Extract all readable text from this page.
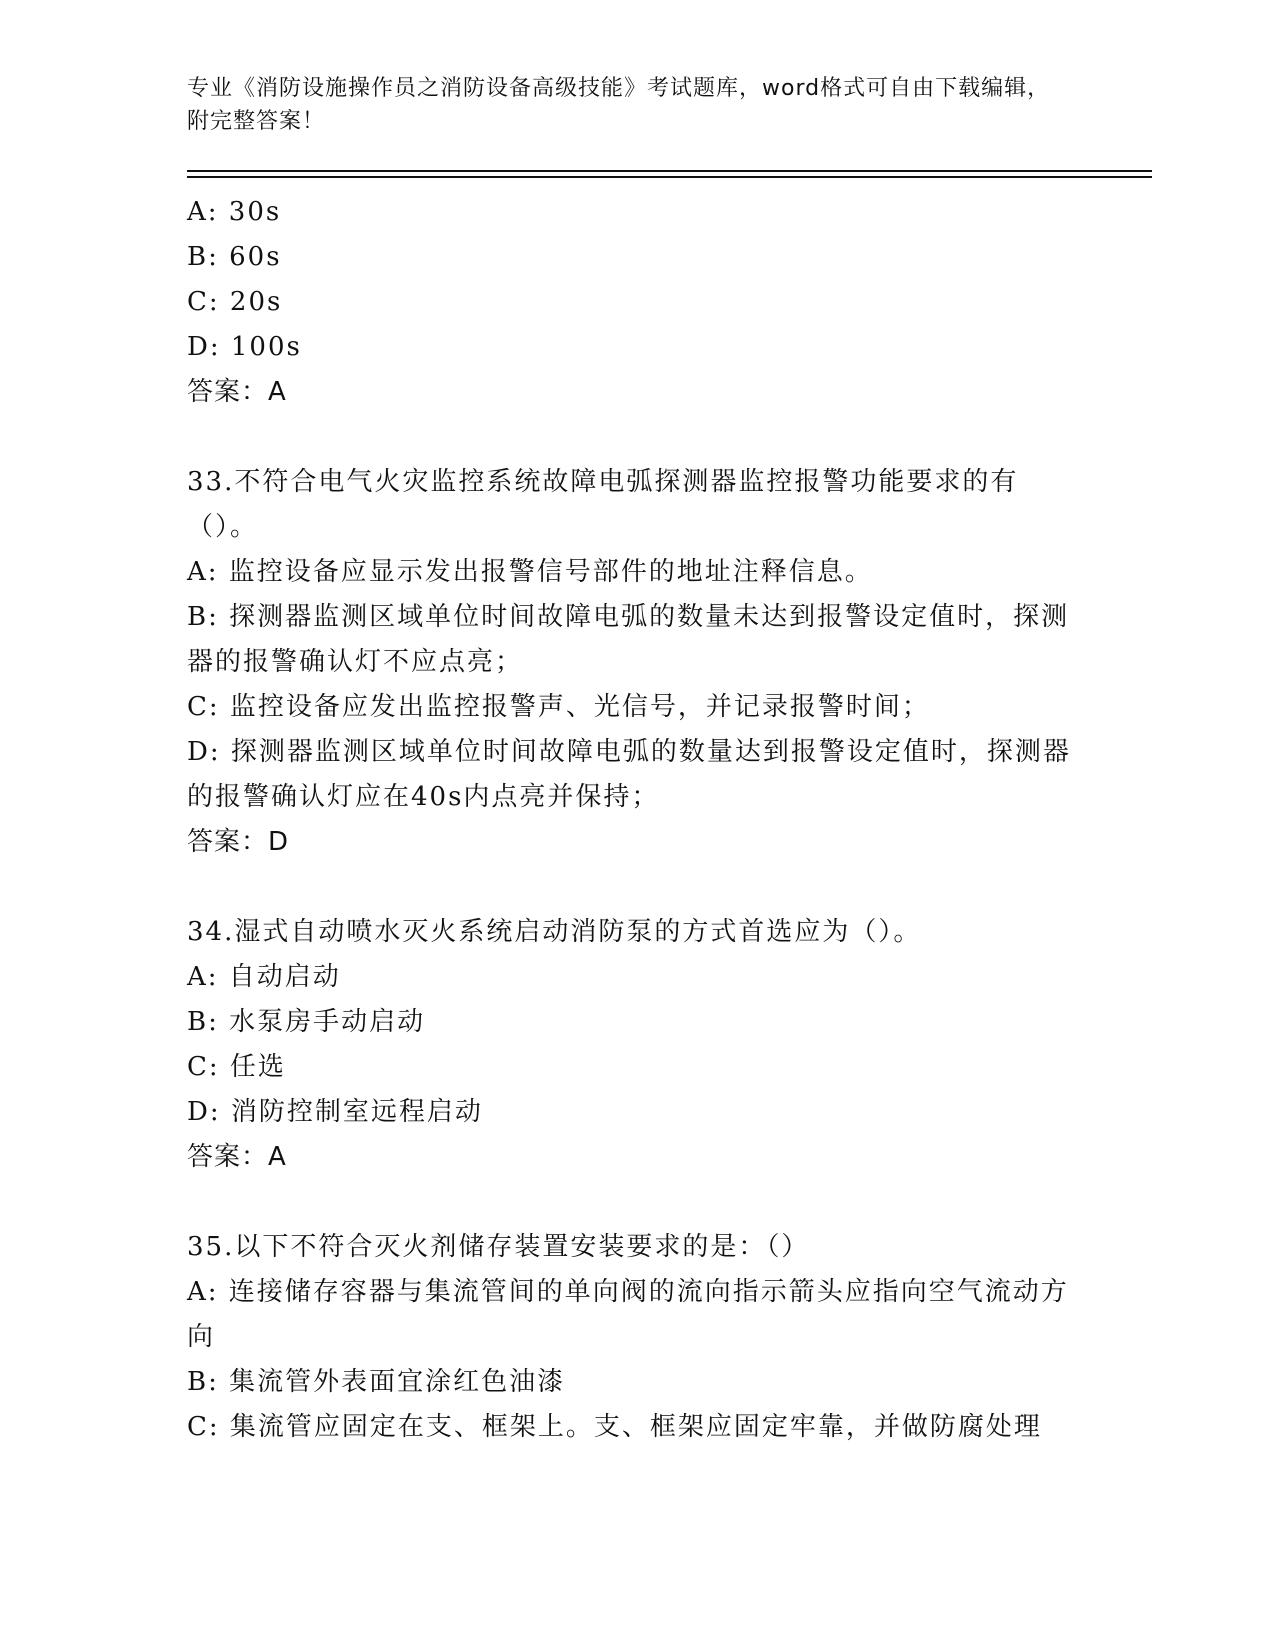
专业《消防设施操作员之消防设备高级技能》考试题库，word格式可自由下载编辑，附完整答案！
A: 30s
B: 60s
C: 20s
D: 100s
答案：A
33.不符合电气火灾监控系统故障电弧探测器监控报警功能要求的有（）。
A: 监控设备应显示发出报警信号部件的地址注释信息。
B: 探测器监测区域单位时间故障电弧的数量未达到报警设定值时，探测器的报警确认灯不应点亮；
C: 监控设备应发出监控报警声、光信号，并记录报警时间；
D: 探测器监测区域单位时间故障电弧的数量达到报警设定值时，探测器的报警确认灯应在40s内点亮并保持；
答案：D
34.湿式自动喷水灭火系统启动消防泵的方式首选应为（）。
A: 自动启动
B: 水泵房手动启动
C: 任选
D: 消防控制室远程启动
答案：A
35.以下不符合灭火剂储存装置安装要求的是：（）
A: 连接储存容器与集流管间的单向阀的流向指示箭头应指向空气流动方向
B: 集流管外表面宜涂红色油漆
C: 集流管应固定在支、框架上。支、框架应固定牢靠，并做防腐处理
